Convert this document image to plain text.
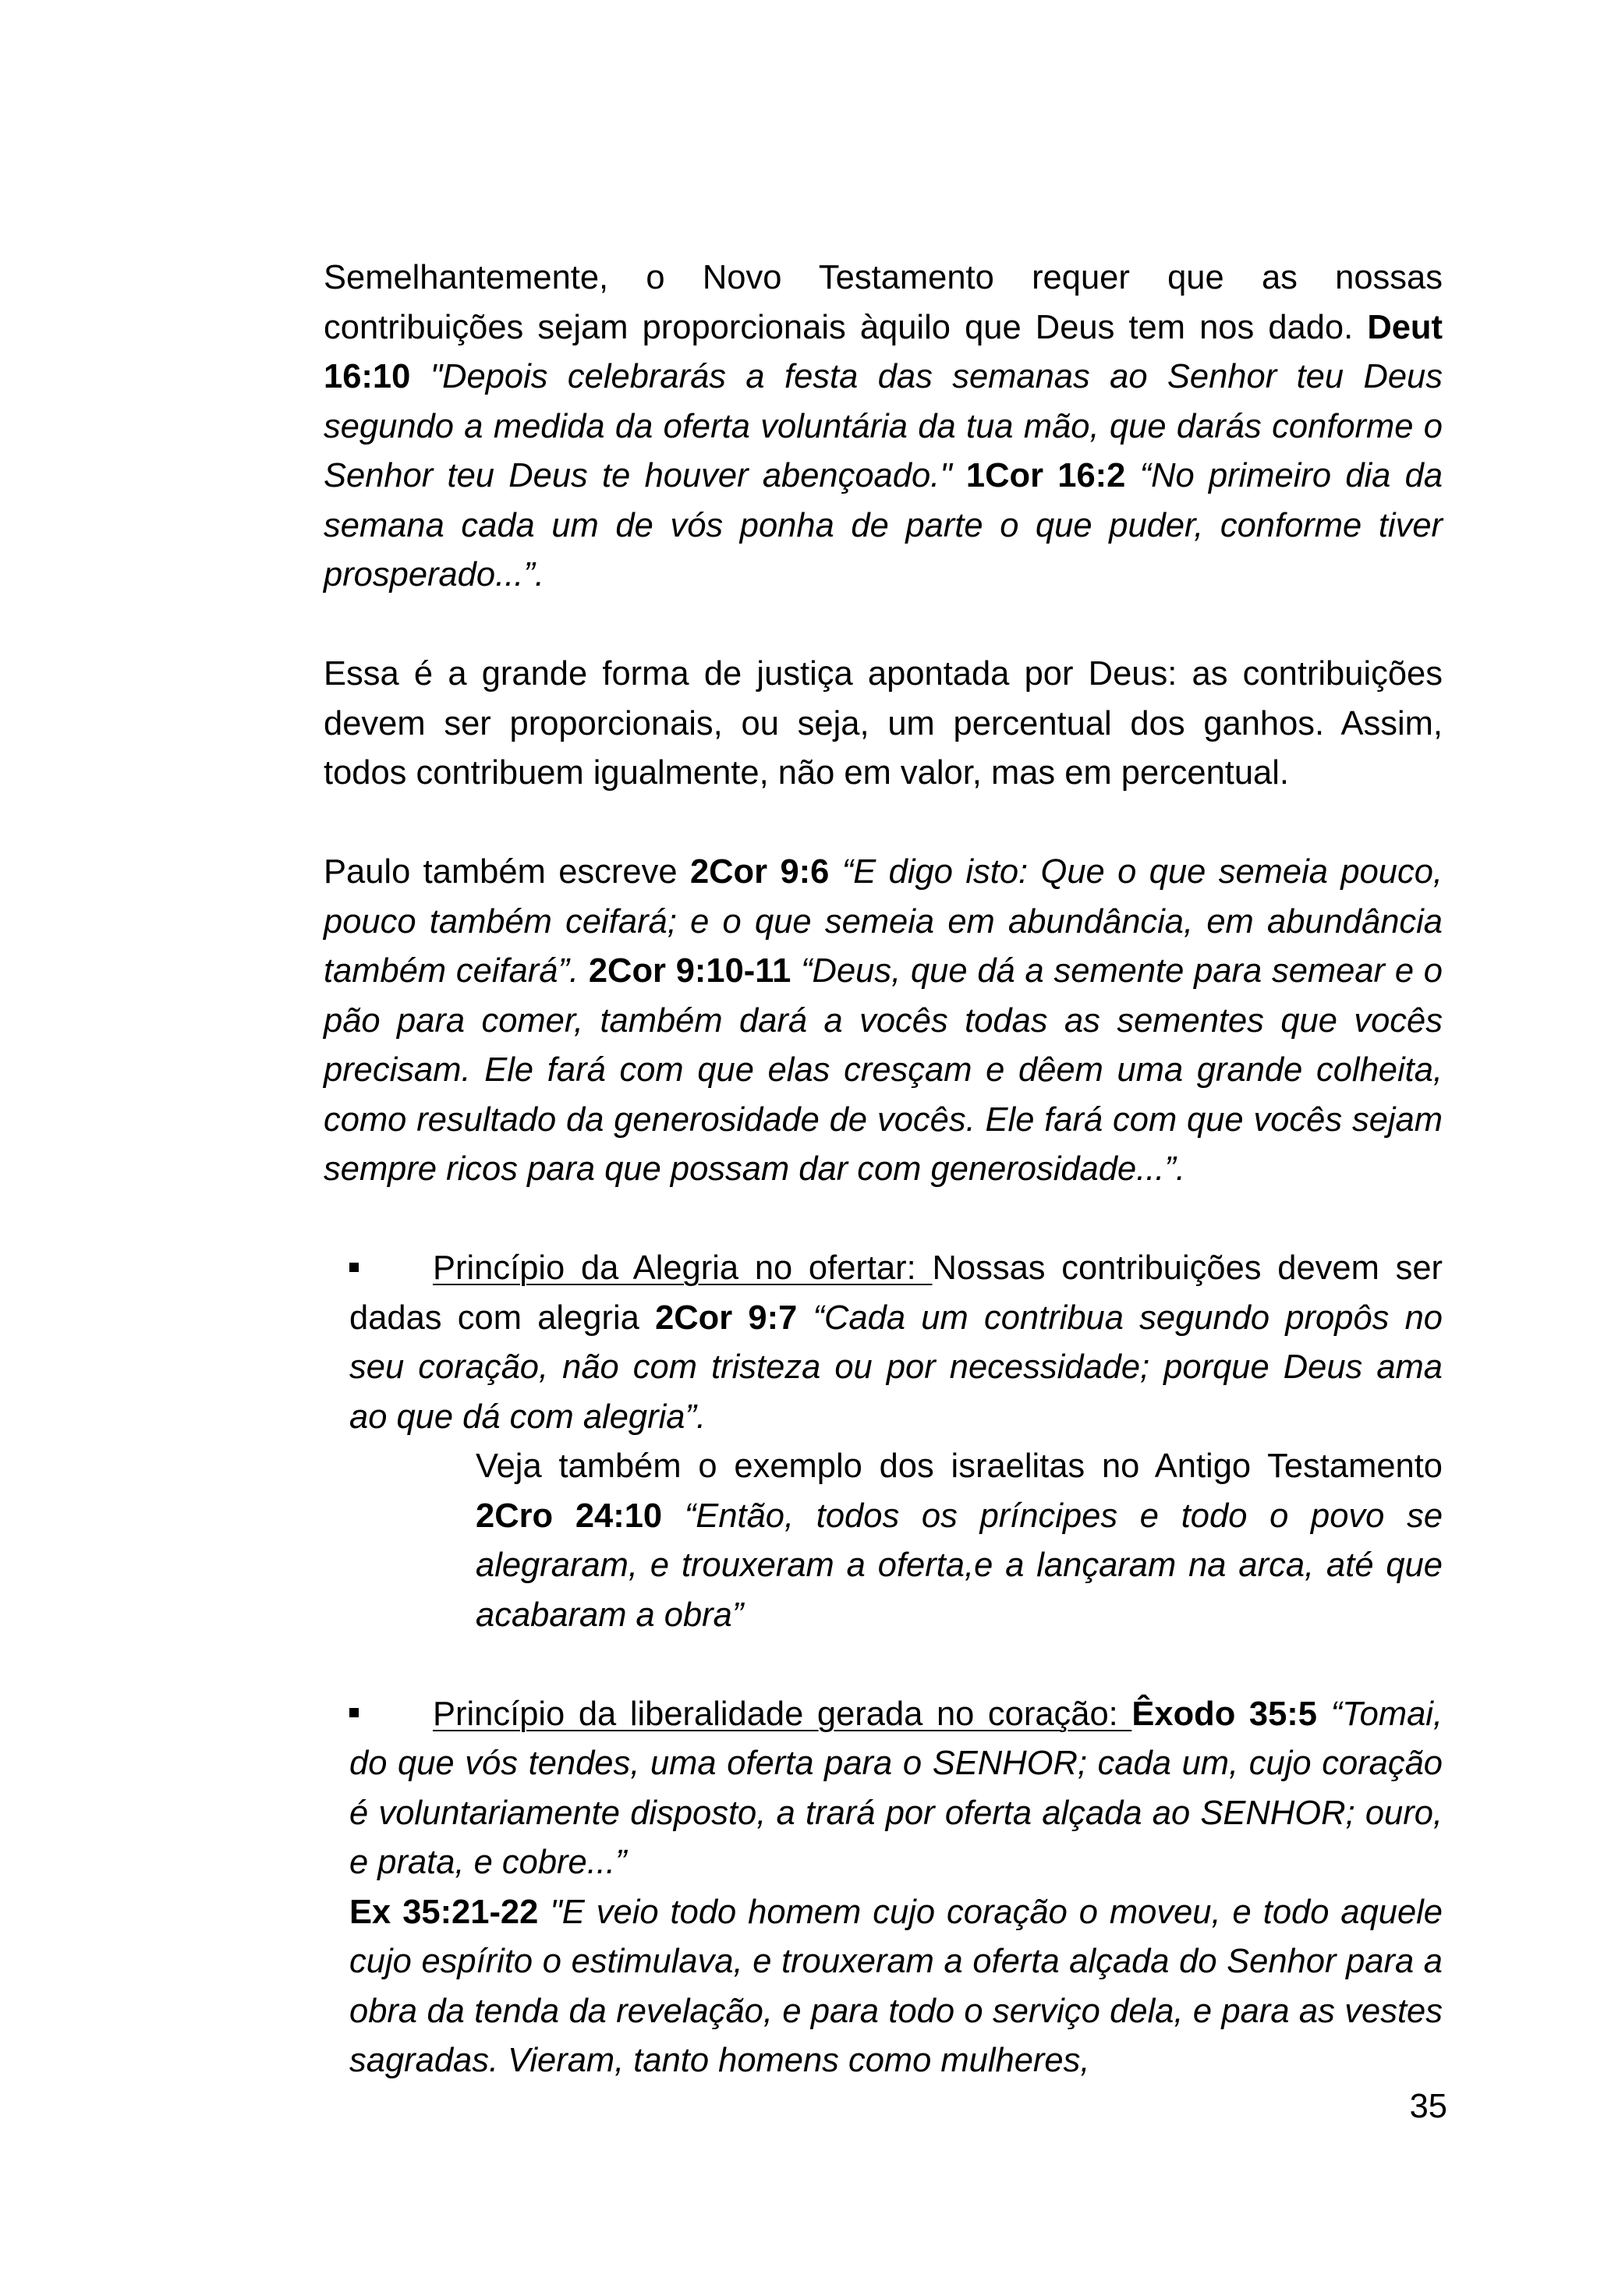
Semelhantemente, o Novo Testamento requer que as nossas contribuições sejam proporcionais àquilo que Deus tem nos dado. Deut 16:10 "Depois celebrarás a festa das semanas ao Senhor teu Deus segundo a medida da oferta voluntária da tua mão, que darás conforme o Senhor teu Deus te houver abençoado." 1Cor 16:2 “No primeiro dia da semana cada um de vós ponha de parte o que puder, conforme tiver prosperado...”.

Essa é a grande forma de justiça apontada por Deus: as contribuições devem ser proporcionais, ou seja, um percentual dos ganhos. Assim, todos contribuem igualmente, não em valor, mas em percentual.

Paulo também escreve 2Cor 9:6 “E digo isto: Que o que semeia pouco, pouco também ceifará; e o que semeia em abundância, em abundância também ceifará”. 2Cor 9:10-11 “Deus, que dá a semente para semear e o pão para comer, também dará a vocês todas as sementes que vocês precisam. Ele fará com que elas cresçam e dêem uma grande colheita, como resultado da generosidade de vocês. Ele fará com que vocês sejam sempre ricos para que possam dar com generosidade...”.

Princípio da Alegria no ofertar: Nossas contribuições devem ser dadas com alegria 2Cor 9:7 “Cada um contribua segundo propôs no seu coração, não com tristeza ou por necessidade; porque Deus ama ao que dá com alegria”.

Veja também o exemplo dos israelitas no Antigo Testamento 2Cro 24:10 “Então, todos os príncipes e todo o povo se alegraram, e trouxeram a oferta,e a lançaram na arca, até que acabaram a obra”

Princípio da liberalidade gerada no coração: Êxodo 35:5 “Tomai, do que vós tendes, uma oferta para o SENHOR; cada um, cujo coração é voluntariamente disposto, a trará por oferta alçada ao SENHOR; ouro, e prata, e cobre...”

Ex 35:21-22 "E veio todo homem cujo coração o moveu, e todo aquele cujo espírito o estimulava, e trouxeram a oferta alçada do Senhor para a obra da tenda da revelação, e para todo o serviço dela, e para as vestes sagradas. Vieram, tanto homens como mulheres,

35
